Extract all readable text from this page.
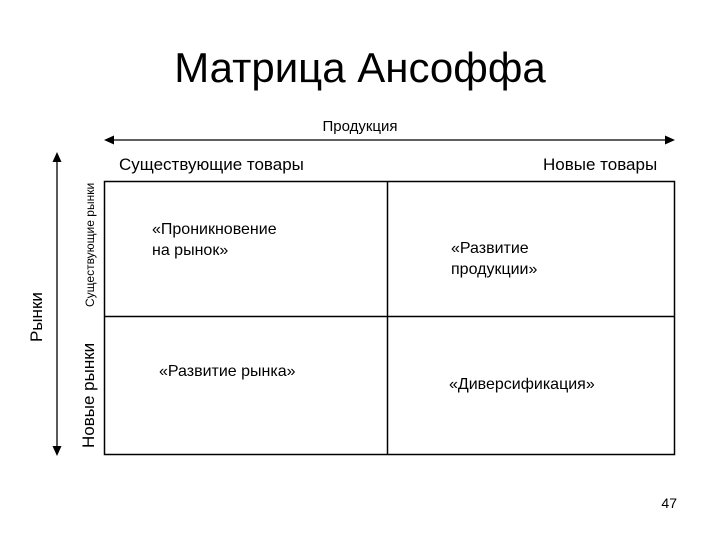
Матрица Ансоффа
Продукция
Существующие товары	Новые товары
Рынки
Существующие рынки
Новые рынки
«Проникновение
на рынок»	«Развитие
продукции»
«Развитие рынка»
«Диверсификация»
47
